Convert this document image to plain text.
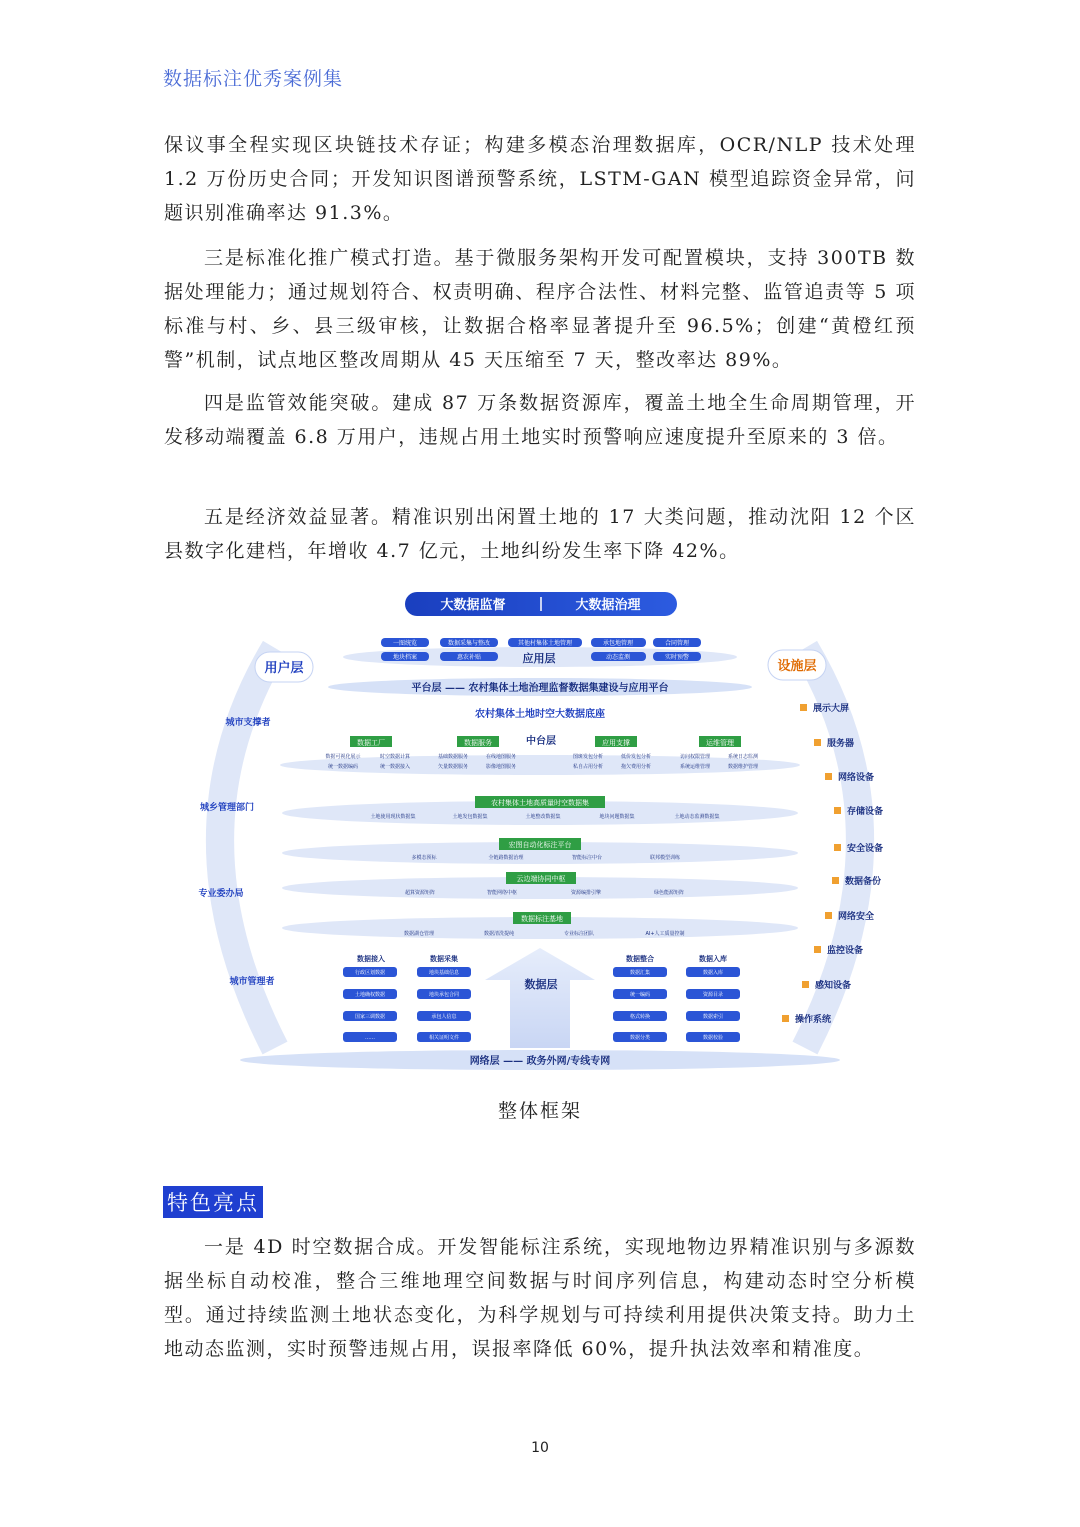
数据标注优秀案例集

保议事全程实现区块链技术存证；构建多模态治理数据库，OCR/NLP 技术处理 1.2 万份历史合同；开发知识图谱预警系统，LSTM-GAN 模型追踪资金异常，问题识别准确率达 91.3%。

三是标准化推广模式打造。基于微服务架构开发可配置模块，支持 300TB 数据处理能力；通过规划符合、权责明确、程序合法性、材料完整、监管追责等 5 项标准与村、乡、县三级审核，让数据合格率显著提升至 96.5%；创建“黄橙红预警”机制，试点地区整改周期从 45 天压缩至 7 天，整改率达 89%。

四是监管效能突破。建成 87 万条数据资源库，覆盖土地全生命周期管理，开发移动端覆盖 6.8 万用户，违规占用土地实时预警响应速度提升至原来的 3 倍。

五是经济效益显著。精准识别出闲置土地的 17 大类问题，推动沈阳 12 个区县数字化建档，年增收 4.7 亿元，土地纠纷发生率下降 42%。

大数据监督	大数据治理
用户层	设施层
城市支撑者
城乡管理部门
专业委办局
城市管理者
展示大屏
服务器
网络设备
存储设备
安全设备
数据备份
网络安全
监控设备
感知设备
操作系统
一图统览	数据采集与整改	其他村集体土地管理	承包地管理	合同管理
地块档案	惠农补贴	应用层	动态监测	实时预警
平台层 —— 农村集体土地治理监督数据集建设与应用平台
农村集体土地时空大数据底座
数据工厂	数据服务	中台层	应用支撑	运维管理
数据可视化展示	时空数据计算	基础数据服务	在线地图服务	图斑发包分析	低价发包分析	访问权限管理	系统日志监测
统一数据编码	统一数据接入	矢量数据服务	影像地图服务	私自占用分析	拖欠费用分析	系统运维管理	数据维护管理
农村集体土地高质量时空数据集
土地使用现状数据集	土地发包数据集	土地整改数据集	地块问题数据集	土地动态监测数据集
宏图自动化标注平台
多模态预标	全链路数据治理	智能标注中台	联邦模型训练
云边端协同中枢
超算资源矩阵	智能网络中枢	资源编排引擎	绿色能源矩阵
数据标注基地
数据湖仓管理	数据清洗提纯	专业标注团队	AI+人工质量控制
数据层
数据接入	数据采集	数据整合	数据入库
行政区划数据
土地确权数据
国家三调数据
……
地块基础信息
地块承包合同
承包人信息
相关证明文件
数据汇集
统一编码
格式转换
数据分类
数据入库
资源目录
数据索引
数据校验
网络层 —— 政务外网/专线专网
整体框架
特色亮点

一是 4D 时空数据合成。开发智能标注系统，实现地物边界精准识别与多源数据坐标自动校准，整合三维地理空间数据与时间序列信息，构建动态时空分析模型。通过持续监测土地状态变化，为科学规划与可持续利用提供决策支持。助力土地动态监测，实时预警违规占用，误报率降低 60%，提升执法效率和精准度。

10
